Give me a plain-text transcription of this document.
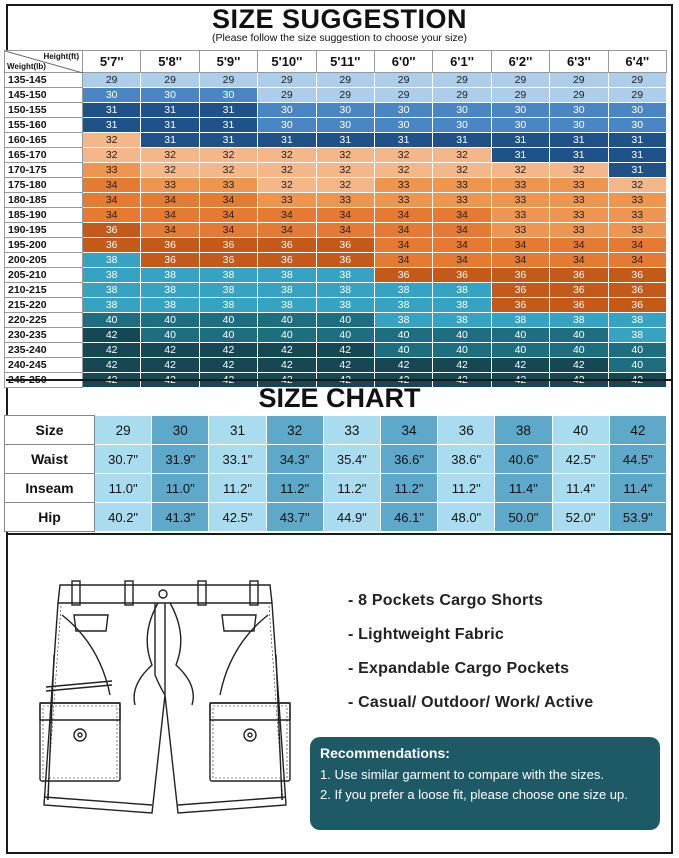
SIZE SUGGESTION
(Please follow the size suggestion to choose your size)
Height(ft)
Weight(lb)	5'7''	5'8''	5'9''	5'10''	5'11''	6'0''	6'1''	6'2''	6'3''	6'4''
135-145	29	29	29	29	29	29	29	29	29	29
145-150	30	30	30	29	29	29	29	29	29	29
150-155	31	31	31	30	30	30	30	30	30	30
155-160	31	31	31	30	30	30	30	30	30	30
160-165	32	31	31	31	31	31	31	31	31	31
165-170	32	32	32	32	32	32	32	31	31	31
170-175	33	32	32	32	32	32	32	32	32	31
175-180	34	33	33	32	32	33	33	33	33	32
180-185	34	34	34	33	33	33	33	33	33	33
185-190	34	34	34	34	34	34	34	33	33	33
190-195	36	34	34	34	34	34	34	33	33	33
195-200	36	36	36	36	36	34	34	34	34	34
200-205	38	36	36	36	36	34	34	34	34	34
205-210	38	38	38	38	38	36	36	36	36	36
210-215	38	38	38	38	38	38	38	36	36	36
215-220	38	38	38	38	38	38	38	36	36	36
220-225	40	40	40	40	40	38	38	38	38	38
230-235	42	40	40	40	40	40	40	40	40	38
235-240	42	42	42	42	42	40	40	40	40	40
240-245	42	42	42	42	42	42	42	42	42	40
245-250	42	42	42	42	42	42	42	42	42	42
SIZE CHART
Size	29	30	31	32	33	34	36	38	40	42
Waist	30.7"	31.9"	33.1"	34.3"	35.4"	36.6"	38.6"	40.6"	42.5"	44.5"
Inseam	11.0"	11.0"	11.2"	11.2"	11.2"	11.2"	11.2"	11.4"	11.4"	11.4"
Hip	40.2"	41.3"	42.5"	43.7"	44.9"	46.1"	48.0"	50.0"	52.0"	53.9"
- 8 Pockets Cargo Shorts
- Lightweight Fabric
- Expandable Cargo Pockets
- Casual/ Outdoor/ Work/ Active
Recommendations:
1. Use similar garment to compare with the sizes.
2. If you prefer a loose fit, please choose one size up.
